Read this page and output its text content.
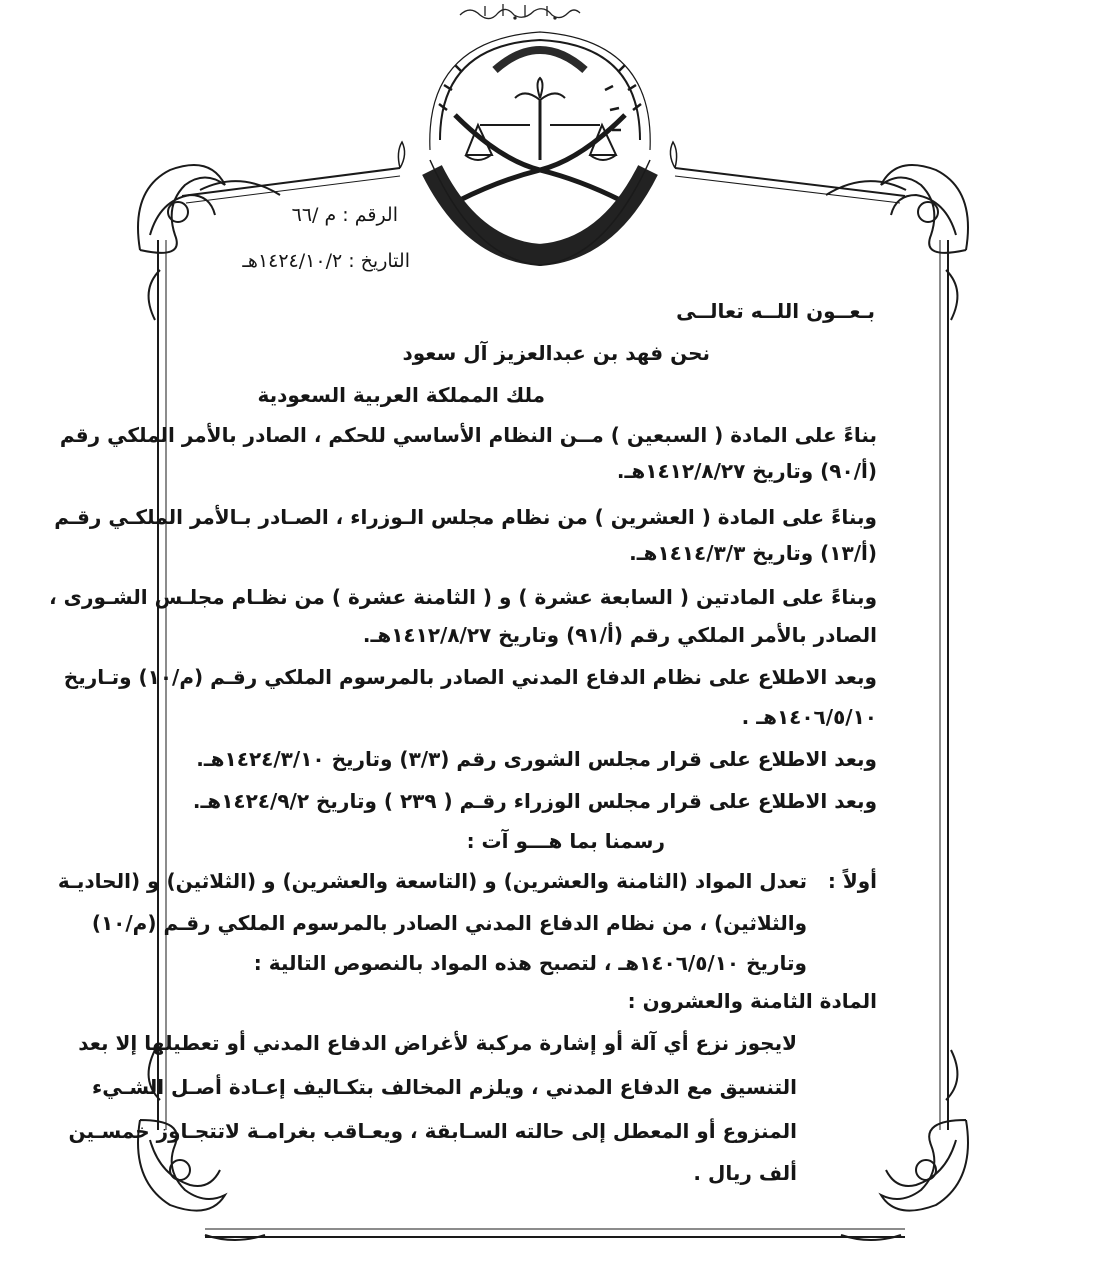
الرقم : م /٦٦
التاريخ : ١٤٢٤/١٠/٢هـ
بـعــون اللــه تعالــى
نحن فهد بن عبدالعزيز آل سعود
ملك المملكة العربية السعودية
بناءً على المادة ( السبعين ) مــن النظام الأساسي للحكم ، الصادر بالأمر الملكي رقم
(أ/٩٠) وتاريخ ١٤١٢/٨/٢٧هـ.
وبناءً على المادة ( العشرين ) من نظام مجلس الـوزراء ، الصـادر بـالأمر الملكـي رقـم
(أ/١٣) وتاريخ ١٤١٤/٣/٣هـ.
وبناءً على المادتين ( السابعة عشرة ) و ( الثامنة عشرة ) من نظـام مجلـس الشـورى ،
الصادر بالأمر الملكي رقم (أ/٩١) وتاريخ ١٤١٢/٨/٢٧هـ.
وبعد الاطلاع على نظام الدفاع المدني الصادر بالمرسوم الملكي رقـم (م/١٠) وتـاريخ
١٤٠٦/٥/١٠هـ .
وبعد الاطلاع على قرار مجلس الشورى رقم (٣/٣) وتاريخ ١٤٢٤/٣/١٠هـ.
وبعد الاطلاع على قرار مجلس الوزراء رقـم ( ٢٣٩ ) وتاريخ ١٤٢٤/٩/٢هـ.
رسمنا بما هـــو آت :
أولاً :
تعدل المواد (الثامنة والعشرين) و (التاسعة والعشرين) و (الثلاثين) و (الحاديـة
والثلاثين) ، من نظام الدفاع المدني الصادر بالمرسوم الملكي رقـم (م/١٠)
وتاريخ ١٤٠٦/٥/١٠هـ ، لتصبح هذه المواد بالنصوص التالية :
المادة الثامنة والعشرون :
لايجوز نزع أي آلة أو إشارة مركبة لأغراض الدفاع المدني أو تعطيلها إلا بعد
التنسيق مع الدفاع المدني ، ويلزم المخالف بتكـاليف إعـادة أصـل الشـيء
المنزوع أو المعطل إلى حالته السـابقة ، ويعـاقب بغرامـة لاتتجـاوز خمسـين
ألف ريال .
